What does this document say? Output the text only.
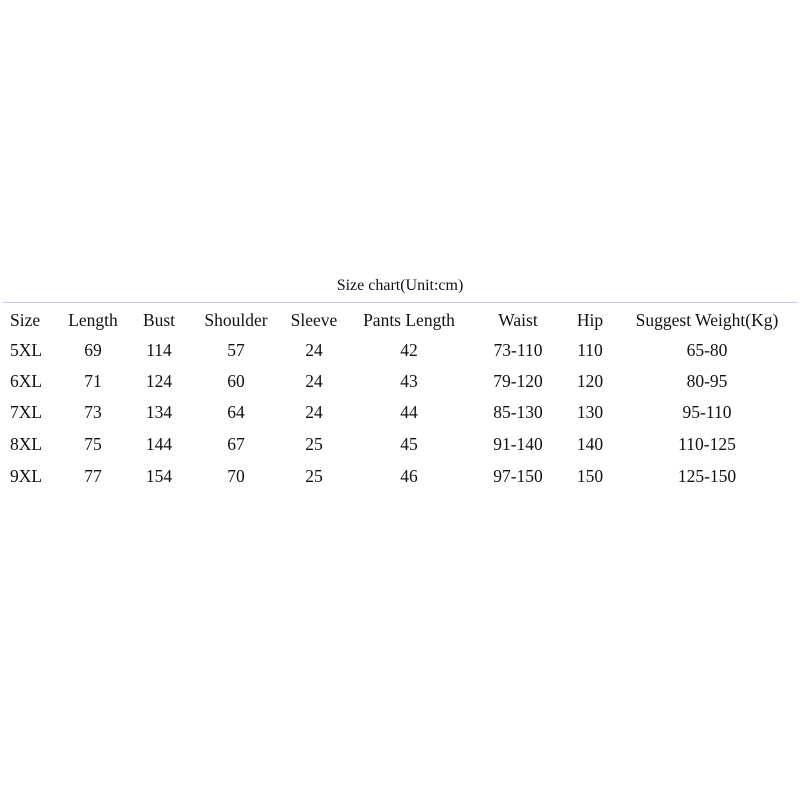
Size chart(Unit:cm)
Size	Length	Bust	Shoulder	Sleeve	Pants Length	Waist	Hip	Suggest Weight(Kg)
5XL	69	114	57	24	42	73-110	110	65-80
6XL	71	124	60	24	43	79-120	120	80-95
7XL	73	134	64	24	44	85-130	130	95-110
8XL	75	144	67	25	45	91-140	140	110-125
9XL	77	154	70	25	46	97-150	150	125-150
